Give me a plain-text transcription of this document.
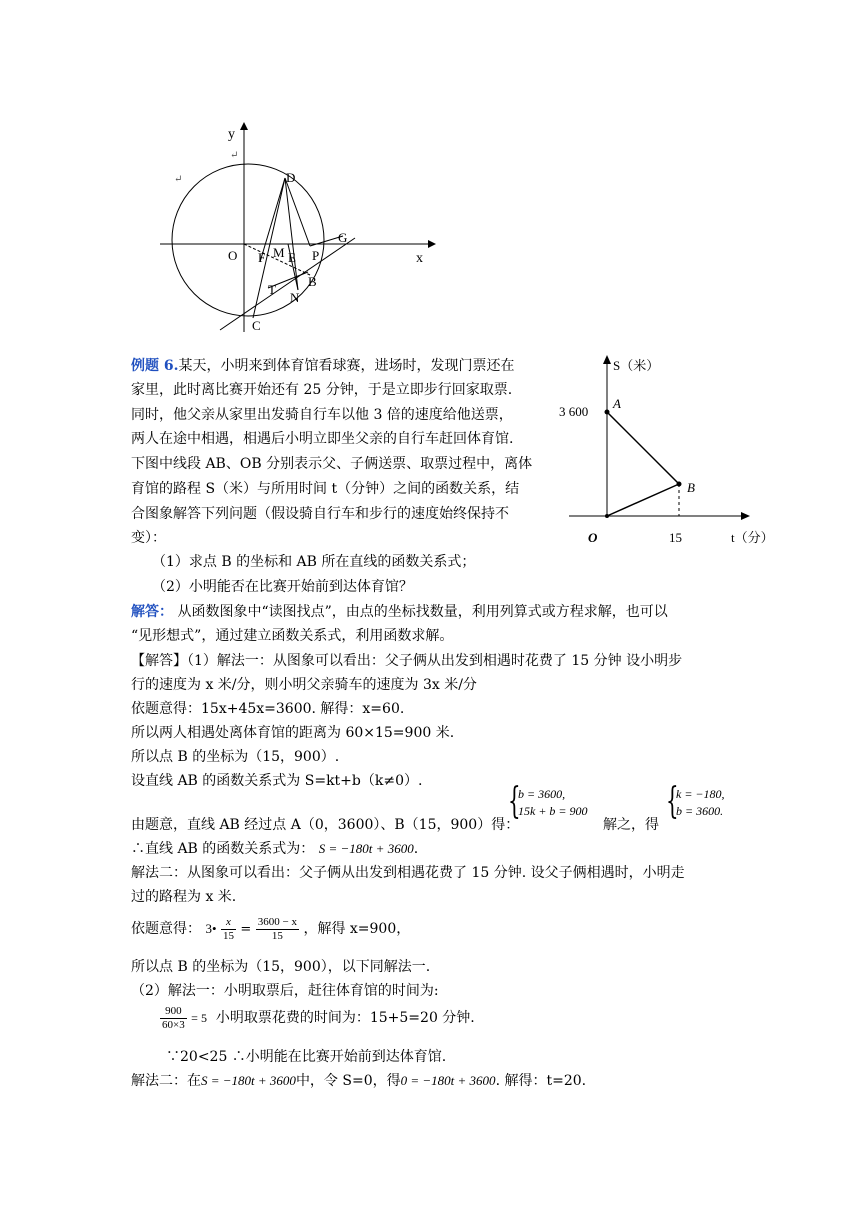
y
↵
↵	D
O F M E P
G
B
T
N
C
x
S（米）
3 600
A
B
O	15	t（分）
例题 6.某天，小明来到体育馆看球赛，进场时，发现门票还在
家里，此时离比赛开始还有 25 分钟，于是立即步行回家取票.
同时，他父亲从家里出发骑自行车以他 3 倍的速度给他送票，
两人在途中相遇，相遇后小明立即坐父亲的自行车赶回体育馆.
下图中线段 AB、OB 分别表示父、子俩送票、取票过程中，离体
育馆的路程 S（米）与所用时间 t（分钟）之间的函数关系，结
合图象解答下列问题（假设骑自行车和步行的速度始终保持不
变）：
（1）求点 B 的坐标和 AB 所在直线的函数关系式；
（2）小明能否在比赛开始前到达体育馆？
解答： 从函数图象中“读图找点”，由点的坐标找数量，利用列算式或方程求解，也可以
“见形想式”，通过建立函数关系式，利用函数求解。
【解答】（1）解法一：从图象可以看出：父子俩从出发到相遇时花费了 15 分钟 设小明步
行的速度为 x 米/分，则小明父亲骑车的速度为 3x 米/分
依题意得：15x+45x=3600. 解得：x=60.
所以两人相遇处离体育馆的距离为 60×15=900 米.
所以点 B 的坐标为（15，900）.
设直线 AB 的函数关系式为 S=kt+b（k≠0）.
由题意，直线 AB 经过点 A（0，3600）、B（15，900）得：
{
b = 3600,
15k + b = 900
解之，得
{
k = −180,
b = 3600.
∴直线 AB 的函数关系式为： S = −180t + 3600.
解法二：从图象可以看出：父子俩从出发到相遇花费了 15 分钟. 设父子俩相遇时，小明走
过的路程为 x 米.
依题意得： 3• $\frac{x}{15} = \frac{3600 - x}{15}$ ，解得 x=900，
所以点 B 的坐标为（15，900），以下同解法一.
（2）解法一：小明取票后，赶往体育馆的时间为:
$\frac{900}{60\times 3} = 5$ 小明取票花费的时间为：15+5=20 分钟.
∵20<25 ∴小明能在比赛开始前到达体育馆.
解法二：在S = −180t + 3600中，令 S=0，得0 = −180t + 3600. 解得：t=20.
